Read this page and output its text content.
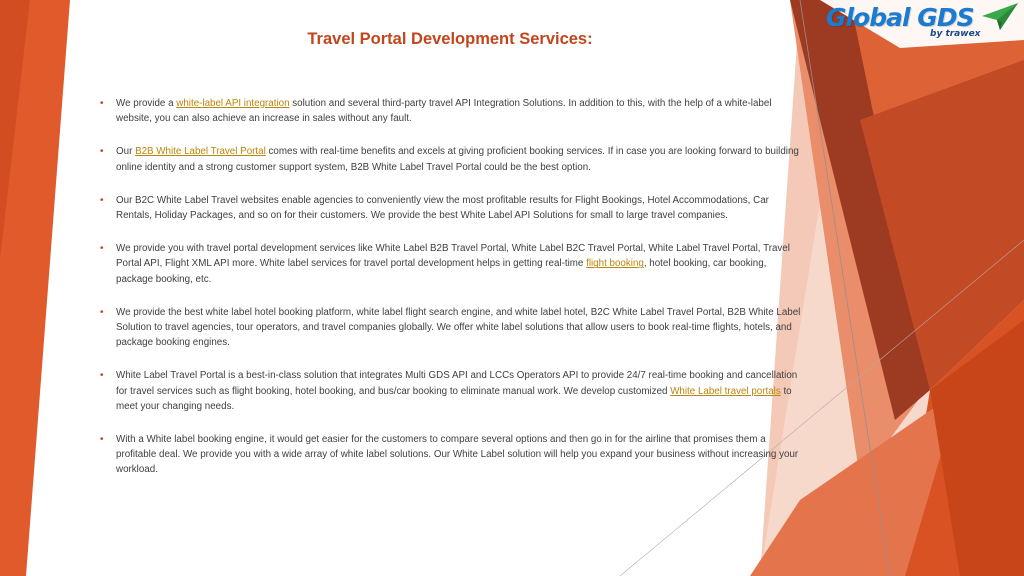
Global GDS
by trawex
Travel Portal Development Services:
• We provide a white-label API integration solution and several third-party travel API Integration Solutions. In addition to this, with the help of a white-label website, you can also achieve an increase in sales without any fault.
• Our B2B White Label Travel Portal comes with real-time benefits and excels at giving proficient booking services. If in case you are looking forward to building online identity and a strong customer support system, B2B White Label Travel Portal could be the best option.
• Our B2C White Label Travel websites enable agencies to conveniently view the most profitable results for Flight Bookings, Hotel Accommodations, Car Rentals, Holiday Packages, and so on for their customers. We provide the best White Label API Solutions for small to large travel companies.
• We provide you with travel portal development services like White Label B2B Travel Portal, White Label B2C Travel Portal, White Label Travel Portal, Travel Portal API, Flight XML API more. White label services for travel portal development helps in getting real-time flight booking, hotel booking, car booking, package booking, etc.
• We provide the best white label hotel booking platform, white label flight search engine, and white label hotel, B2C White Label Travel Portal, B2B White Label Solution to travel agencies, tour operators, and travel companies globally. We offer white label solutions that allow users to book real-time flights, hotels, and package booking engines.
• White Label Travel Portal is a best-in-class solution that integrates Multi GDS API and LCCs Operators API to provide 24/7 real-time booking and cancellation for travel services such as flight booking, hotel booking, and bus/car booking to eliminate manual work. We develop customized White Label travel portals to meet your changing needs.
• With a White label booking engine, it would get easier for the customers to compare several options and then go in for the airline that promises them a profitable deal. We provide you with a wide array of white label solutions. Our White Label solution will help you expand your business without increasing your workload.
